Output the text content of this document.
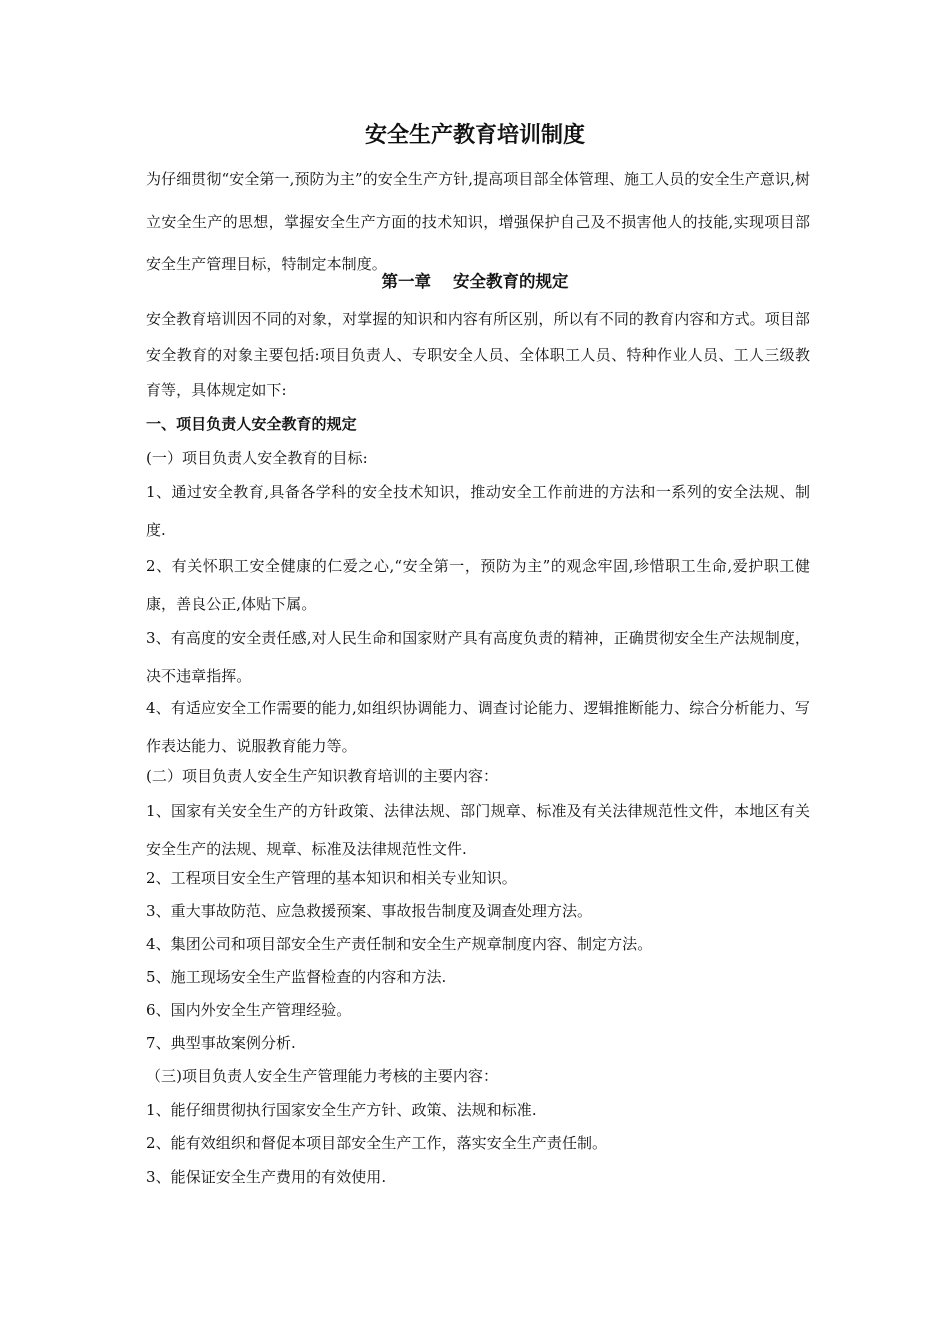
安全生产教育培训制度
为仔细贯彻“安全第一,预防为主”的安全生产方针,提高项目部全体管理、施工人员的安全生产意识,树立安全生产的思想，掌握安全生产方面的技术知识，增强保护自己及不损害他人的技能,实现项目部安全生产管理目标，特制定本制度。
第一章 安全教育的规定
安全教育培训因不同的对象，对掌握的知识和内容有所区别，所以有不同的教育内容和方式。项目部安全教育的对象主要包括:项目负责人、专职安全人员、全体职工人员、特种作业人员、工人三级教育等，具体规定如下:
一、项目负责人安全教育的规定
(一）项目负责人安全教育的目标:
1、通过安全教育,具备各学科的安全技术知识，推动安全工作前进的方法和一系列的安全法规、制度.
2、有关怀职工安全健康的仁爱之心,“安全第一，预防为主”的观念牢固,珍惜职工生命,爱护职工健康，善良公正,体贴下属。
3、有高度的安全责任感,对人民生命和国家财产具有高度负责的精神，正确贯彻安全生产法规制度，决不违章指挥。
4、有适应安全工作需要的能力,如组织协调能力、调查讨论能力、逻辑推断能力、综合分析能力、写作表达能力、说服教育能力等。
(二）项目负责人安全生产知识教育培训的主要内容：
1、国家有关安全生产的方针政策、法律法规、部门规章、标准及有关法律规范性文件，本地区有关安全生产的法规、规章、标准及法律规范性文件.
2、工程项目安全生产管理的基本知识和相关专业知识。
3、重大事故防范、应急救援预案、事故报告制度及调查处理方法。
4、集团公司和项目部安全生产责任制和安全生产规章制度内容、制定方法。
5、施工现场安全生产监督检查的内容和方法.
6、国内外安全生产管理经验。
7、典型事故案例分析.
（三)项目负责人安全生产管理能力考核的主要内容：
1、能仔细贯彻执行国家安全生产方针、政策、法规和标准.
2、能有效组织和督促本项目部安全生产工作，落实安全生产责任制。
3、能保证安全生产费用的有效使用.
